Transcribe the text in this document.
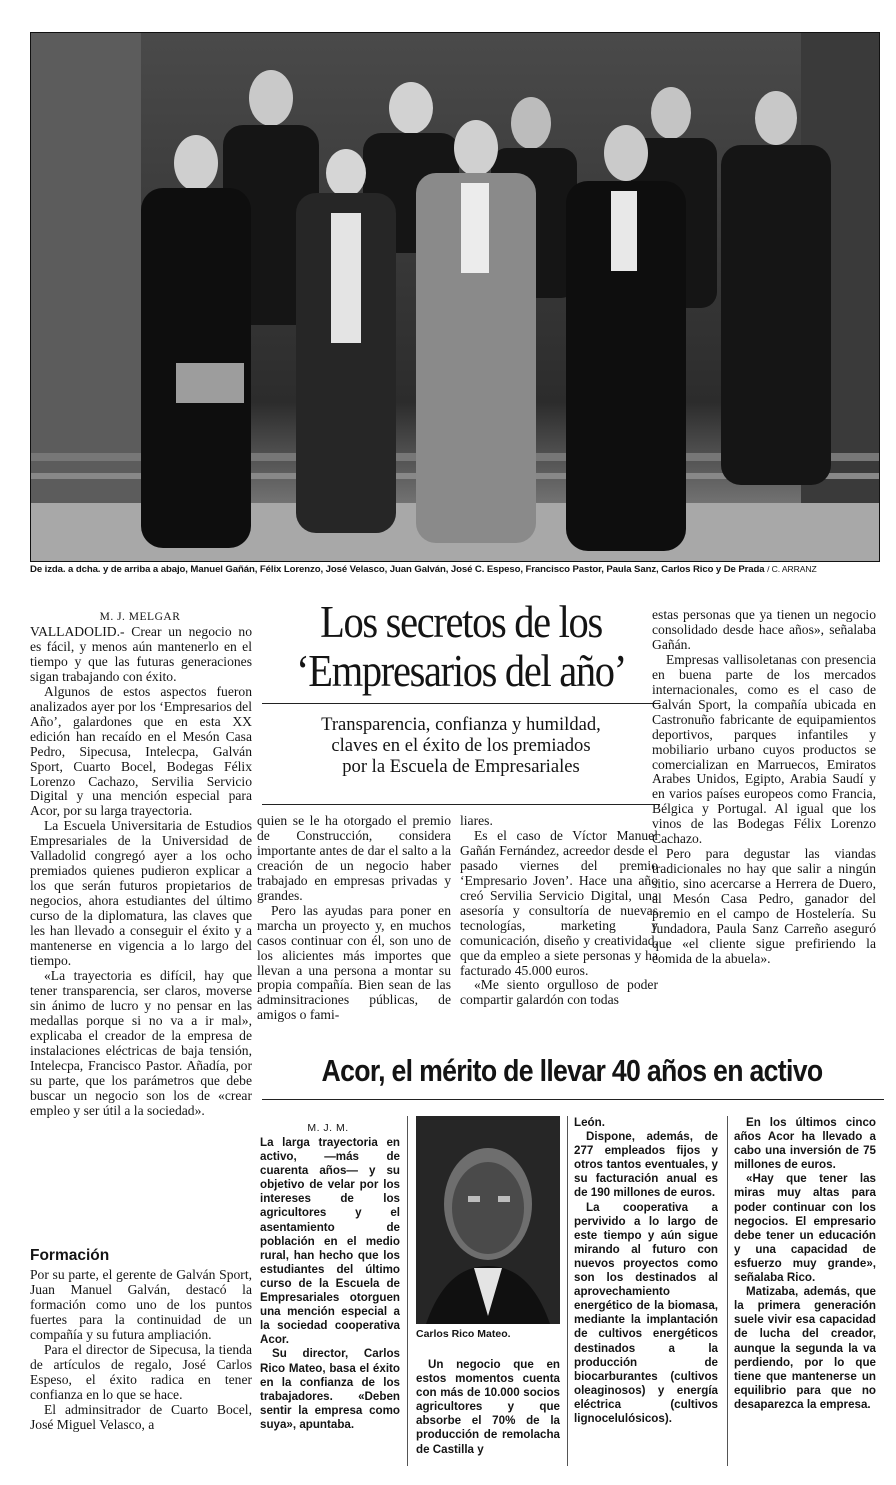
De izda. a dcha. y de arriba a abajo, Manuel Gañán, Félix Lorenzo, José Velasco, Juan Galván, José C. Espeso, Francisco Pastor, Paula Sanz, Carlos Rico y De Prada / C. ARRANZ
M. J. MELGAR

VALLADOLID.- Crear un negocio no es fácil, y menos aún mantenerlo en el tiempo y que las futuras generaciones sigan trabajando con éxito.

Algunos de estos aspectos fueron analizados ayer por los ‘Empresarios del Año’, galardones que en esta XX edición han recaído en el Mesón Casa Pedro, Sipecusa, Intelecpa, Galván Sport, Cuarto Bocel, Bodegas Félix Lorenzo Cachazo, Servilia Servicio Digital y una mención especial para Acor, por su larga trayectoria.

La Escuela Universitaria de Estudios Empresariales de la Universidad de Valladolid congregó ayer a los ocho premiados quienes pudieron explicar a los que serán futuros propietarios de negocios, ahora estudiantes del último curso de la diplomatura, las claves que les han llevado a conseguir el éxito y a mantenerse en vigencia a lo largo del tiempo.

«La trayectoria es difícil, hay que tener transparencia, ser claros, moverse sin ánimo de lucro y no pensar en las medallas porque si no va a ir mal», explicaba el creador de la empresa de instalaciones eléctricas de baja tensión, Intelecpa, Francisco Pastor. Añadía, por su parte, que los parámetros que debe buscar un negocio son los de «crear empleo y ser útil a la sociedad».

Formación

Por su parte, el gerente de Galván Sport, Juan Manuel Galván, destacó la formación como uno de los puntos fuertes para la continuidad de un compañía y su futura ampliación.

Para el director de Sipecusa, la tienda de artículos de regalo, José Carlos Espeso, el éxito radica en tener confianza en lo que se hace.

El adminsitrador de Cuarto Bocel, José Miguel Velasco, a

Los secretos de los
‘Empresarios del año’
Transparencia, confianza y humildad,
claves en el éxito de los premiados
por la Escuela de Empresariales

quien se le ha otorgado el premio de Construcción, considera importante antes de dar el salto a la creación de un negocio haber trabajado en empresas privadas y grandes.

Pero las ayudas para poner en marcha un proyecto y, en muchos casos continuar con él, son uno de los alicientes más importes que llevan a una persona a montar su propia compañía. Bien sean de las adminsitraciones públicas, de amigos o fami-

liares.

Es el caso de Víctor Manuel Gañán Fernández, acreedor desde el pasado viernes del premio ‘Empresario Joven’. Hace una año creó Servilia Servicio Digital, una asesoría y consultoría de nuevas tecnologías, marketing y comunicación, diseño y creatividad, que da empleo a siete personas y ha facturado 45.000 euros.

«Me siento orgulloso de poder compartir galardón con todas

estas personas que ya tienen un negocio consolidado desde hace años», señalaba Gañán.

Empresas vallisoletanas con presencia en buena parte de los mercados internacionales, como es el caso de Galván Sport, la compañía ubicada en Castronuño fabricante de equipamientos deportivos, parques infantiles y mobiliario urbano cuyos productos se comercializan en Marruecos, Emiratos Arabes Unidos, Egipto, Arabia Saudí y en varios países europeos como Francia, Bélgica y Portugal. Al igual que los vinos de las Bodegas Félix Lorenzo Cachazo.

Pero para degustar las viandas tradicionales no hay que salir a ningún sitio, sino acercarse a Herrera de Duero, al Mesón Casa Pedro, ganador del premio en el campo de Hostelería. Su fundadora, Paula Sanz Carreño aseguró que «el cliente sigue prefiriendo la comida de la abuela».

Acor, el mérito de llevar 40 años en activo
M. J. M.

La larga trayectoria en activo, —más de cuarenta años— y su objetivo de velar por los intereses de los agricultores y el asentamiento de población en el medio rural, han hecho que los estudiantes del último curso de la Escuela de Empresariales otorguen una mención especial a la sociedad cooperativa Acor.

Su director, Carlos Rico Mateo, basa el éxito en la confianza de los trabajadores. «Deben sentir la empresa como suya», apuntaba.

Carlos Rico Mateo.

Un negocio que en estos momentos cuenta con más de 10.000 socios agricultores y que absorbe el 70% de la producción de remolacha de Castilla y

León.

Dispone, además, de 277 empleados fijos y otros tantos eventuales, y su facturación anual es de 190 millones de euros.

La cooperativa a pervivido a lo largo de este tiempo y aún sigue mirando al futuro con nuevos proyectos como son los destinados al aprovechamiento energético de la biomasa, mediante la implantación de cultivos energéticos destinados a la producción de biocarburantes (cultivos oleaginosos) y energía eléctrica (cultivos lignocelulósicos).

En los últimos cinco años Acor ha llevado a cabo una inversión de 75 millones de euros.

«Hay que tener las miras muy altas para poder continuar con los negocios. El empresario debe tener un educación y una capacidad de esfuerzo muy grande», señalaba Rico.

Matizaba, además, que la primera generación suele vivir esa capacidad de lucha del creador, aunque la segunda la va perdiendo, por lo que tiene que mantenerse un equilibrio para que no desaparezca la empresa.
